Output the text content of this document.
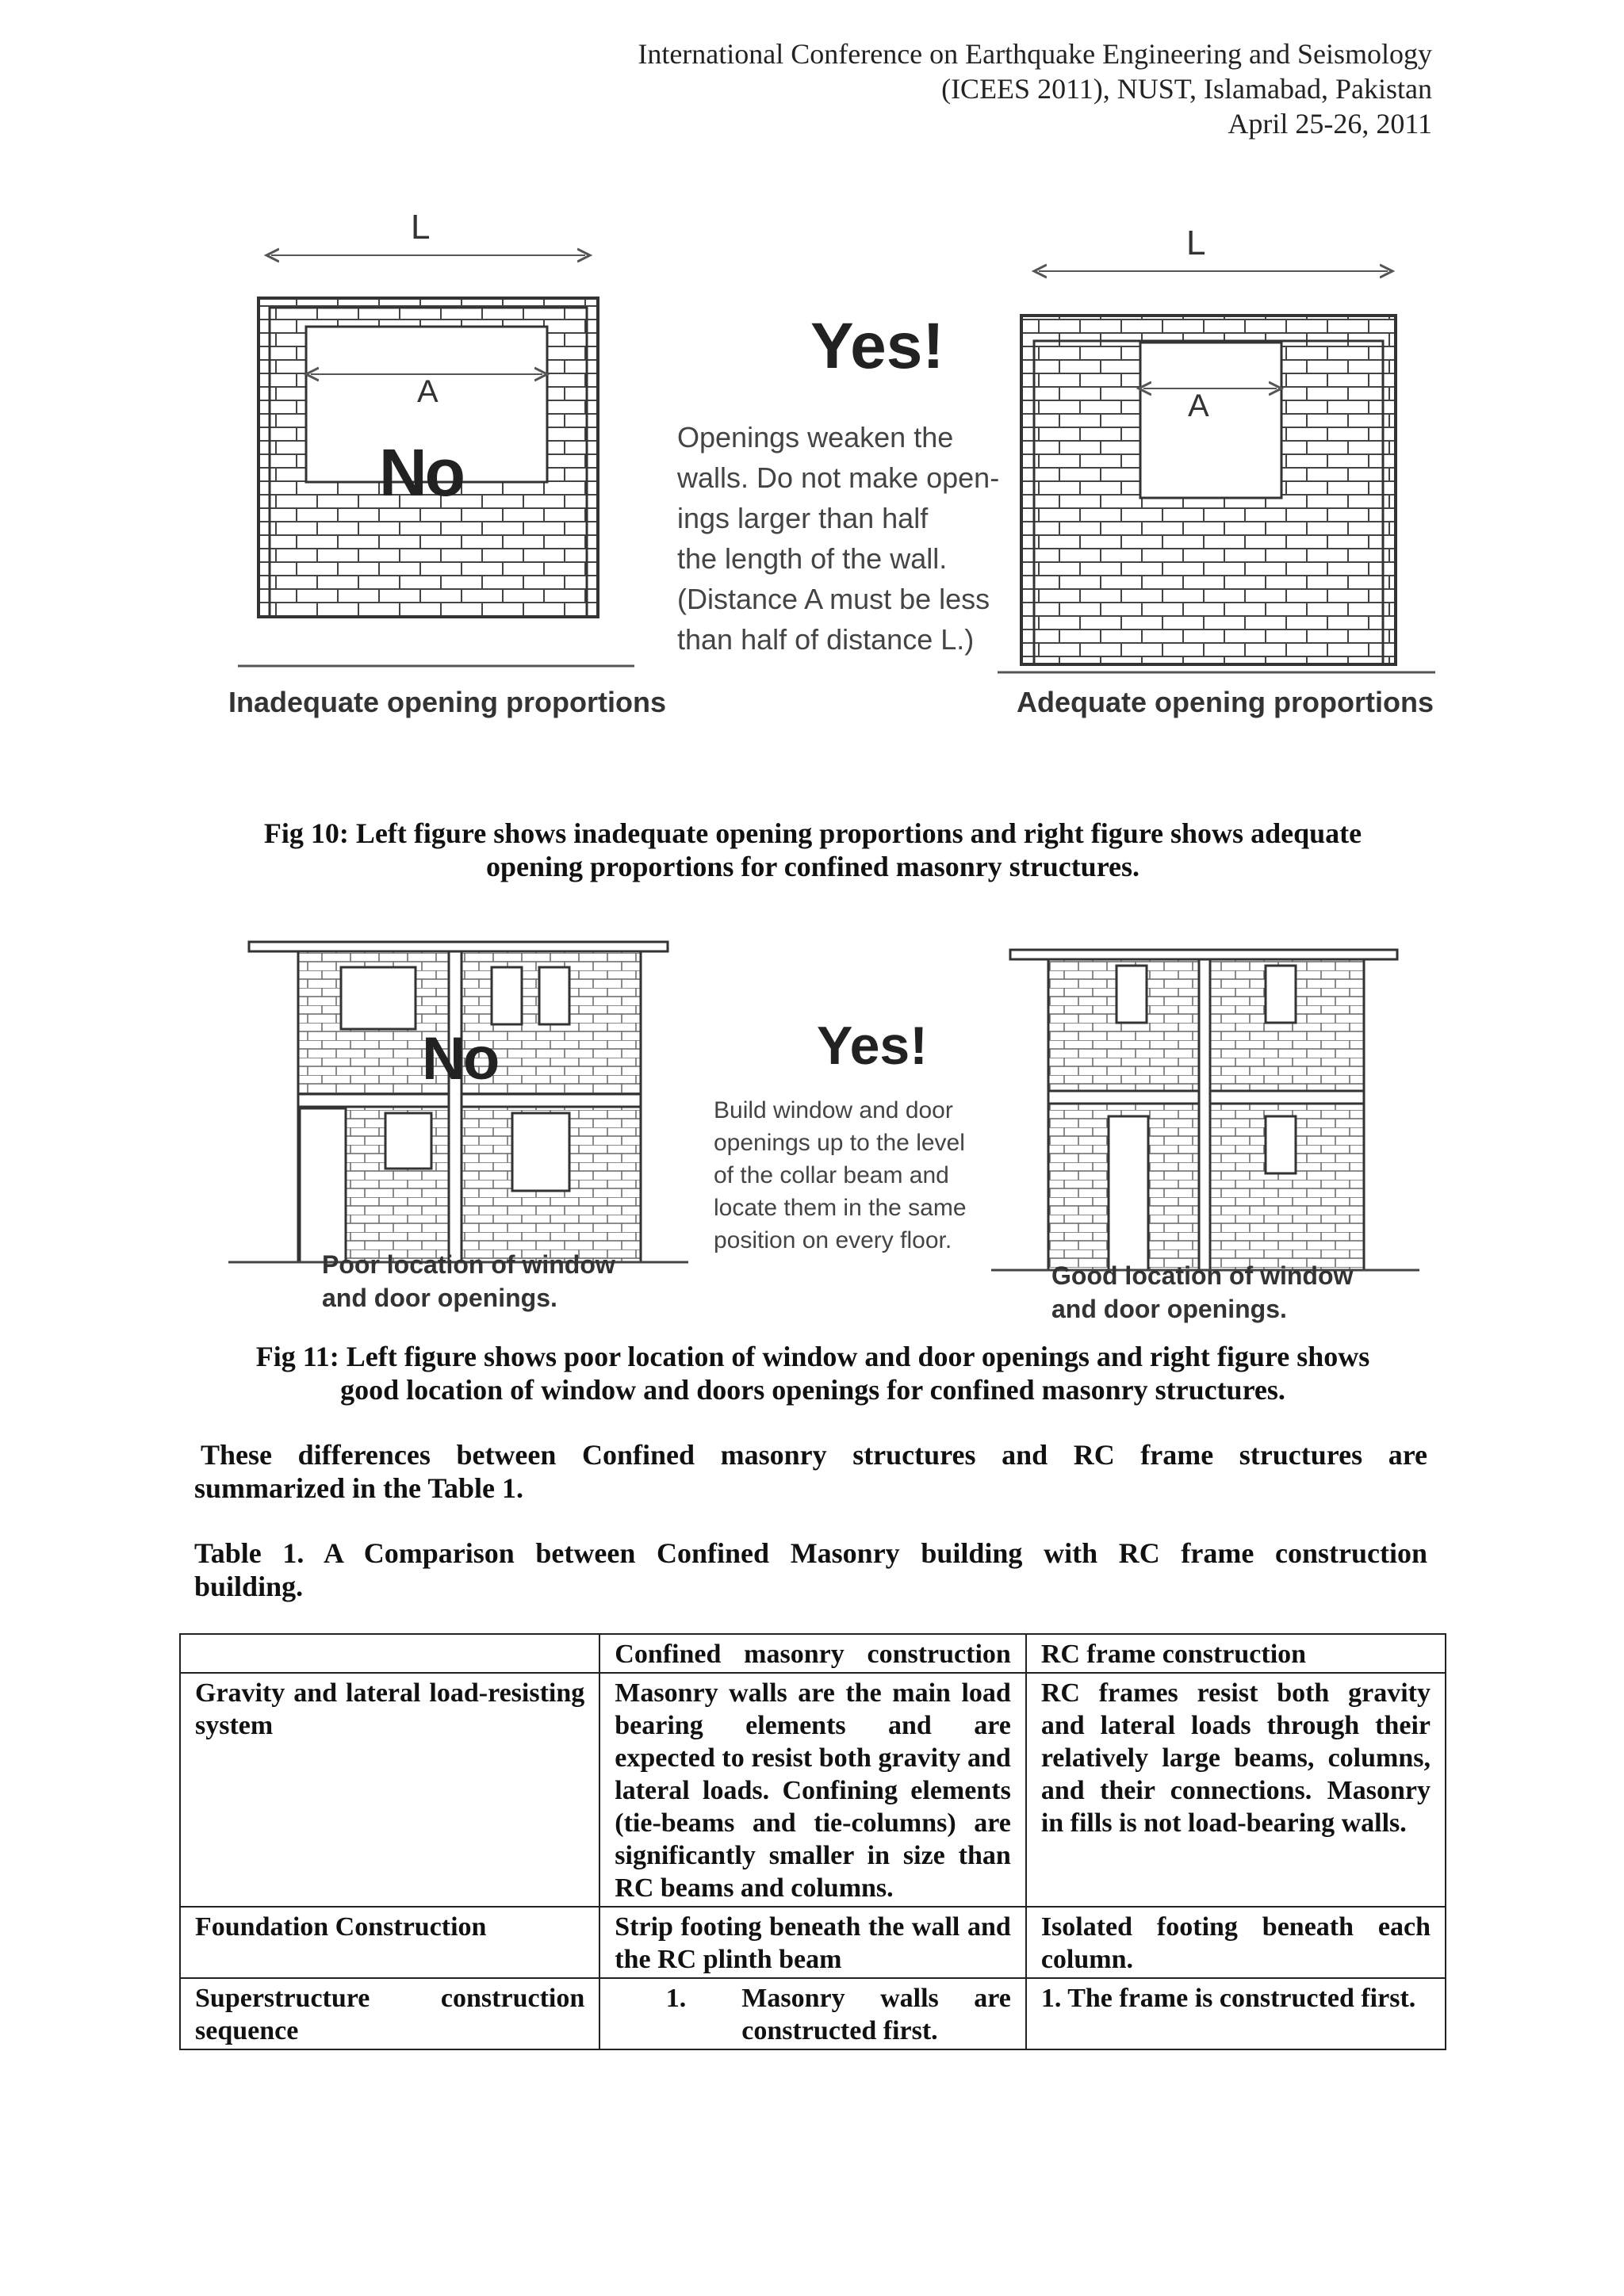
International Conference on Earthquake Engineering and Seismology
(ICEES 2011), NUST, Islamabad, Pakistan
April 25-26, 2011
L
A
No
Inadequate opening proportions
Yes!
Openings weaken the
walls. Do not make open-
ings larger than half
the length of the wall.
(Distance A must be less
than half of distance L.)
L
A
Adequate opening proportions
Fig 10: Left figure shows inadequate opening proportions and right figure shows adequate
opening proportions for confined masonry structures.
No
Poor location of window
and door openings.
Yes!
Build window and door
openings up to the level
of the collar beam and
locate them in the same
position on every floor.
Good location of window
and door openings.
Fig 11: Left figure shows poor location of window and door openings and right figure shows
good location of window and doors openings for confined masonry structures.
These differences between Confined masonry structures and RC frame structures are
summarized in the Table 1.
Table 1. A Comparison between Confined Masonry building with RC frame construction
building.
	Confined masonry construction	RC frame construction
Gravity and lateral load-resisting system	Masonry walls are the main load bearing elements and are expected to resist both gravity and lateral loads. Confining elements (tie-beams and tie-columns) are significantly smaller in size than RC beams and columns.	RC frames resist both gravity and lateral loads through their relatively large beams, columns, and their connections. Masonry in fills is not load-bearing walls.
Foundation Construction	Strip footing beneath the wall and the RC plinth beam	Isolated footing beneath each column.
Superstructure construction sequence	1. Masonry walls are constructed first.	1. The frame is constructed first.
